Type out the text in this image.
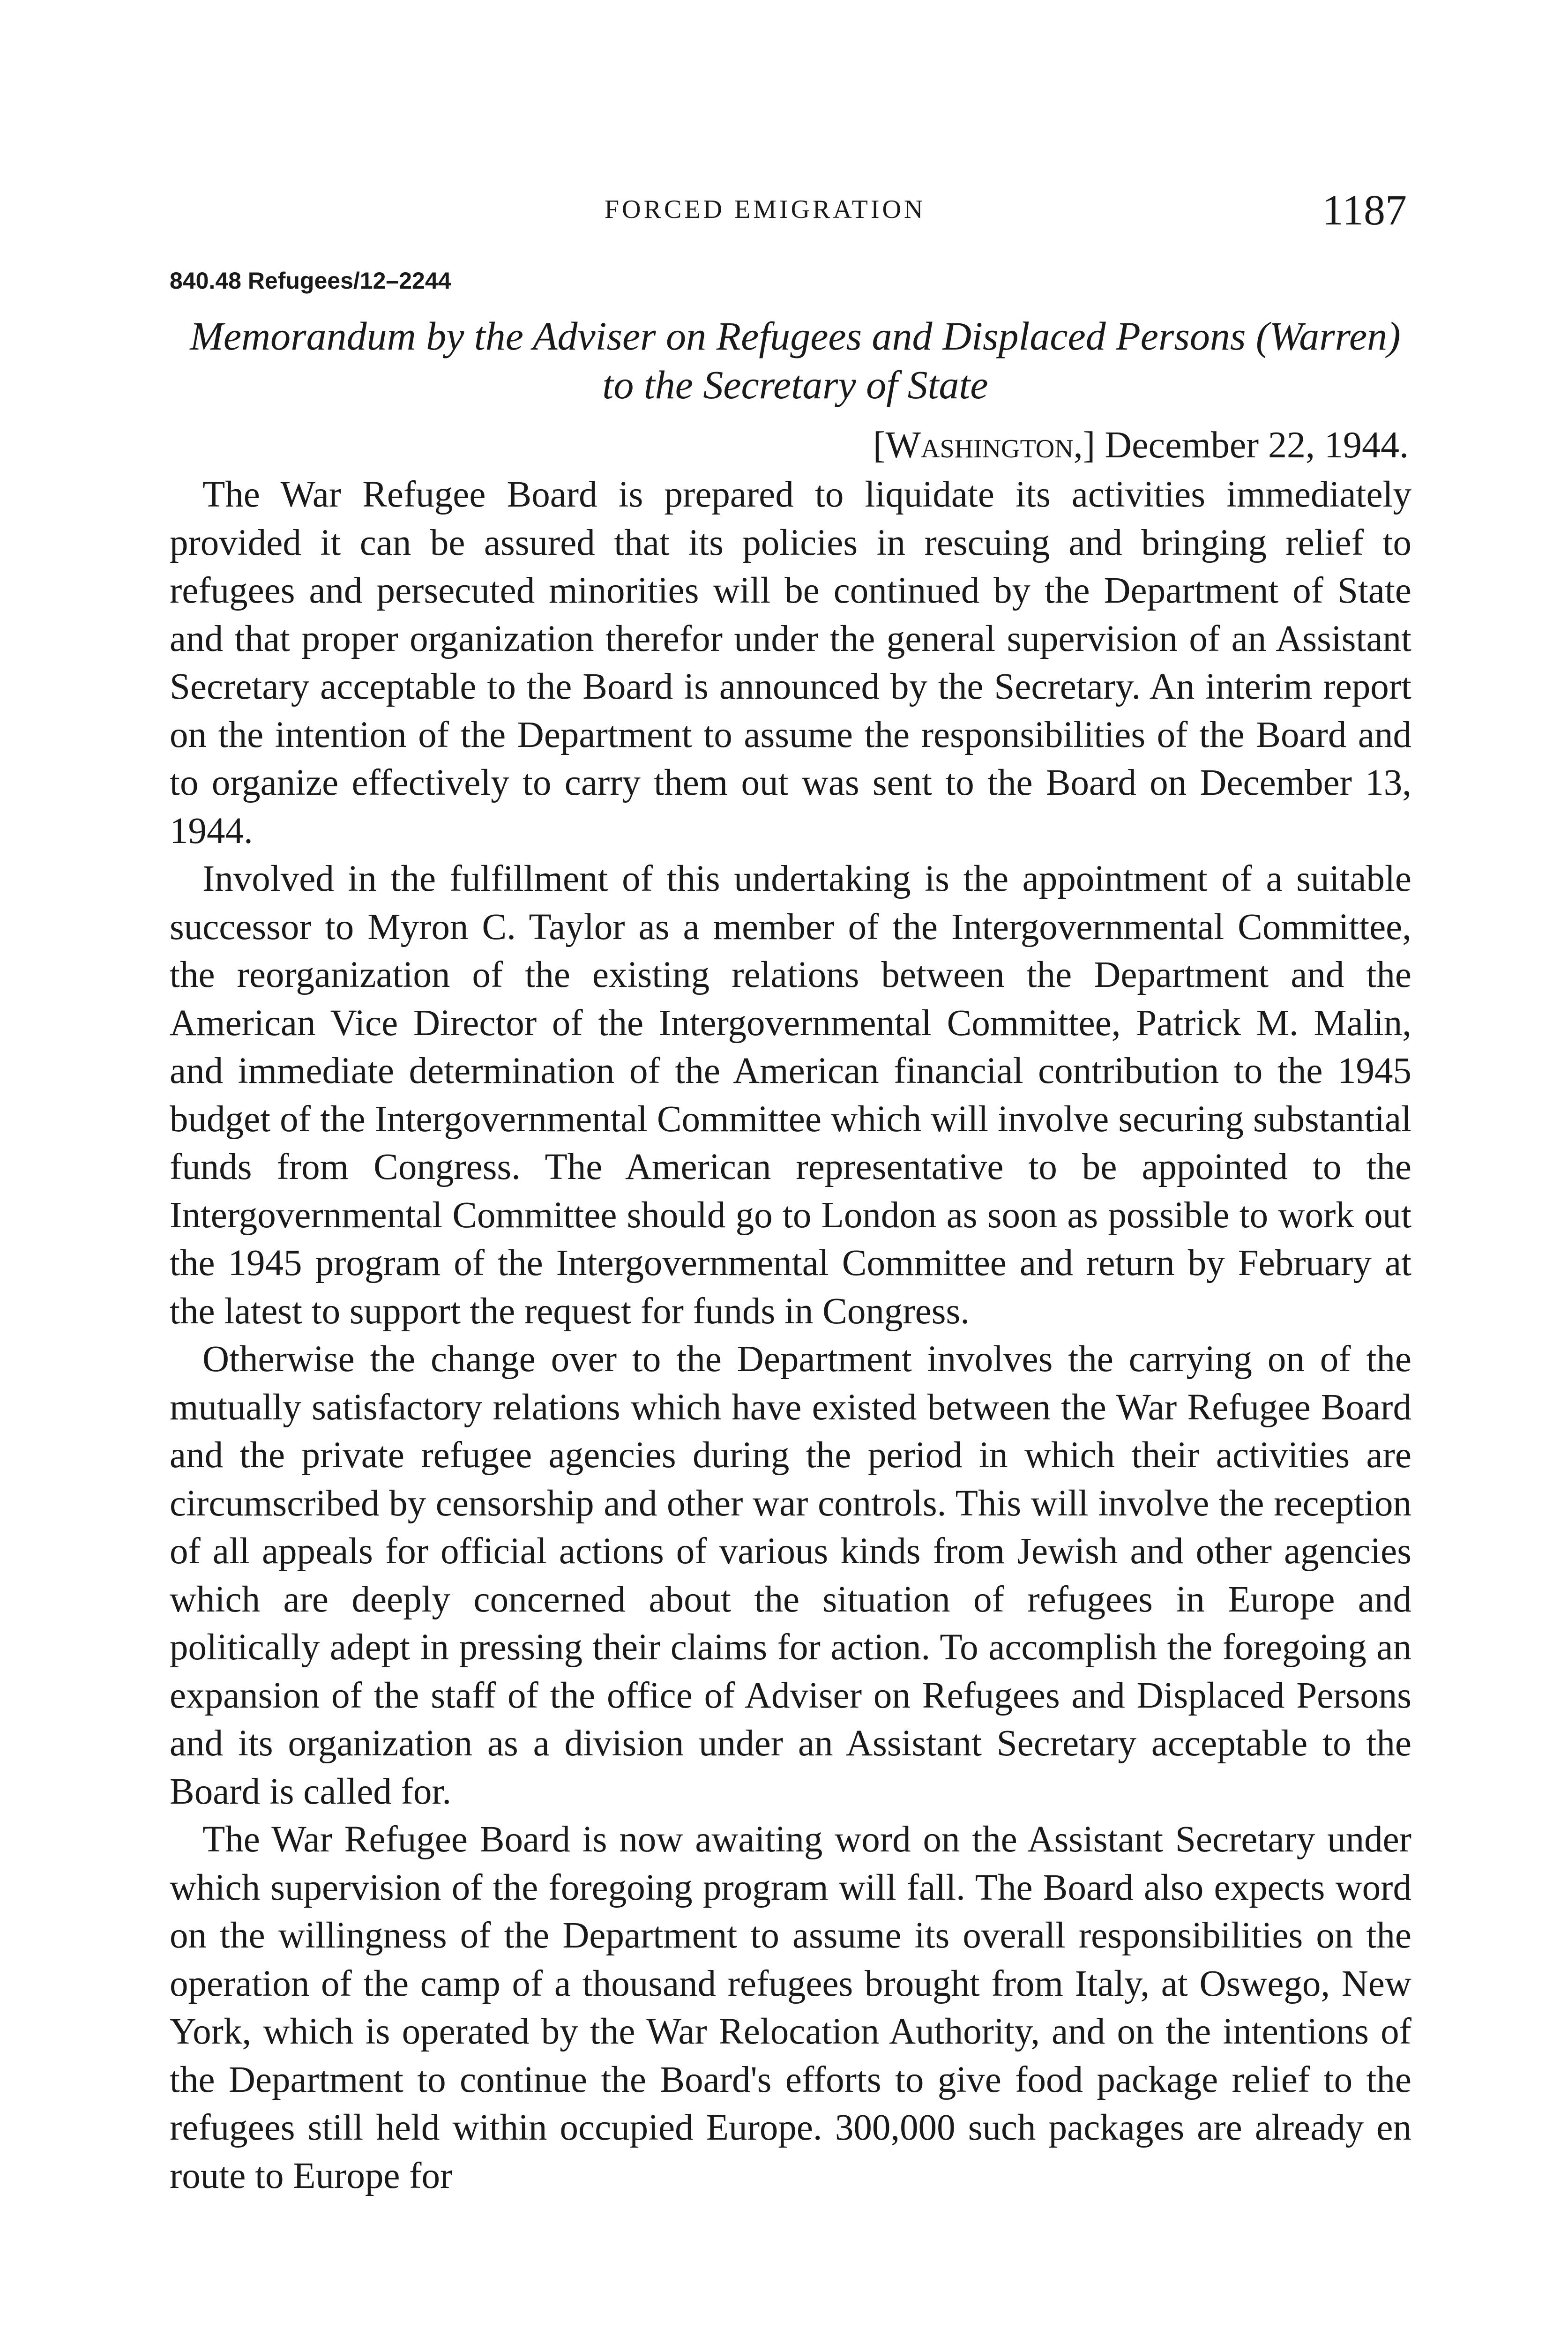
FORCED EMIGRATION	1187
840.48 Refugees/12–2244
Memorandum by the Adviser on Refugees and Displaced Persons (Warren) to the Secretary of State
[Washington,] December 22, 1944.

The War Refugee Board is prepared to liquidate its activities immediately provided it can be assured that its policies in rescuing and bringing relief to refugees and persecuted minorities will be continued by the Department of State and that proper organization therefor under the general supervision of an Assistant Secretary acceptable to the Board is announced by the Secretary. An interim report on the intention of the Department to assume the responsibilities of the Board and to organize effectively to carry them out was sent to the Board on December 13, 1944.

Involved in the fulfillment of this undertaking is the appointment of a suitable successor to Myron C. Taylor as a member of the Intergovernmental Committee, the reorganization of the existing relations between the Department and the American Vice Director of the Intergovernmental Committee, Patrick M. Malin, and immediate determination of the American financial contribution to the 1945 budget of the Intergovernmental Committee which will involve securing substantial funds from Congress. The American representative to be appointed to the Intergovernmental Committee should go to London as soon as possible to work out the 1945 program of the Intergovernmental Committee and return by February at the latest to support the request for funds in Congress.

Otherwise the change over to the Department involves the carrying on of the mutually satisfactory relations which have existed between the War Refugee Board and the private refugee agencies during the period in which their activities are circumscribed by censorship and other war controls. This will involve the reception of all appeals for official actions of various kinds from Jewish and other agencies which are deeply concerned about the situation of refugees in Europe and politically adept in pressing their claims for action. To accomplish the foregoing an expansion of the staff of the office of Adviser on Refugees and Displaced Persons and its organization as a division under an Assistant Secretary acceptable to the Board is called for.

The War Refugee Board is now awaiting word on the Assistant Secretary under which supervision of the foregoing program will fall. The Board also expects word on the willingness of the Department to assume its overall responsibilities on the operation of the camp of a thousand refugees brought from Italy, at Oswego, New York, which is operated by the War Relocation Authority, and on the intentions of the Department to continue the Board's efforts to give food package relief to the refugees still held within occupied Europe. 300,000 such packages are already en route to Europe for
